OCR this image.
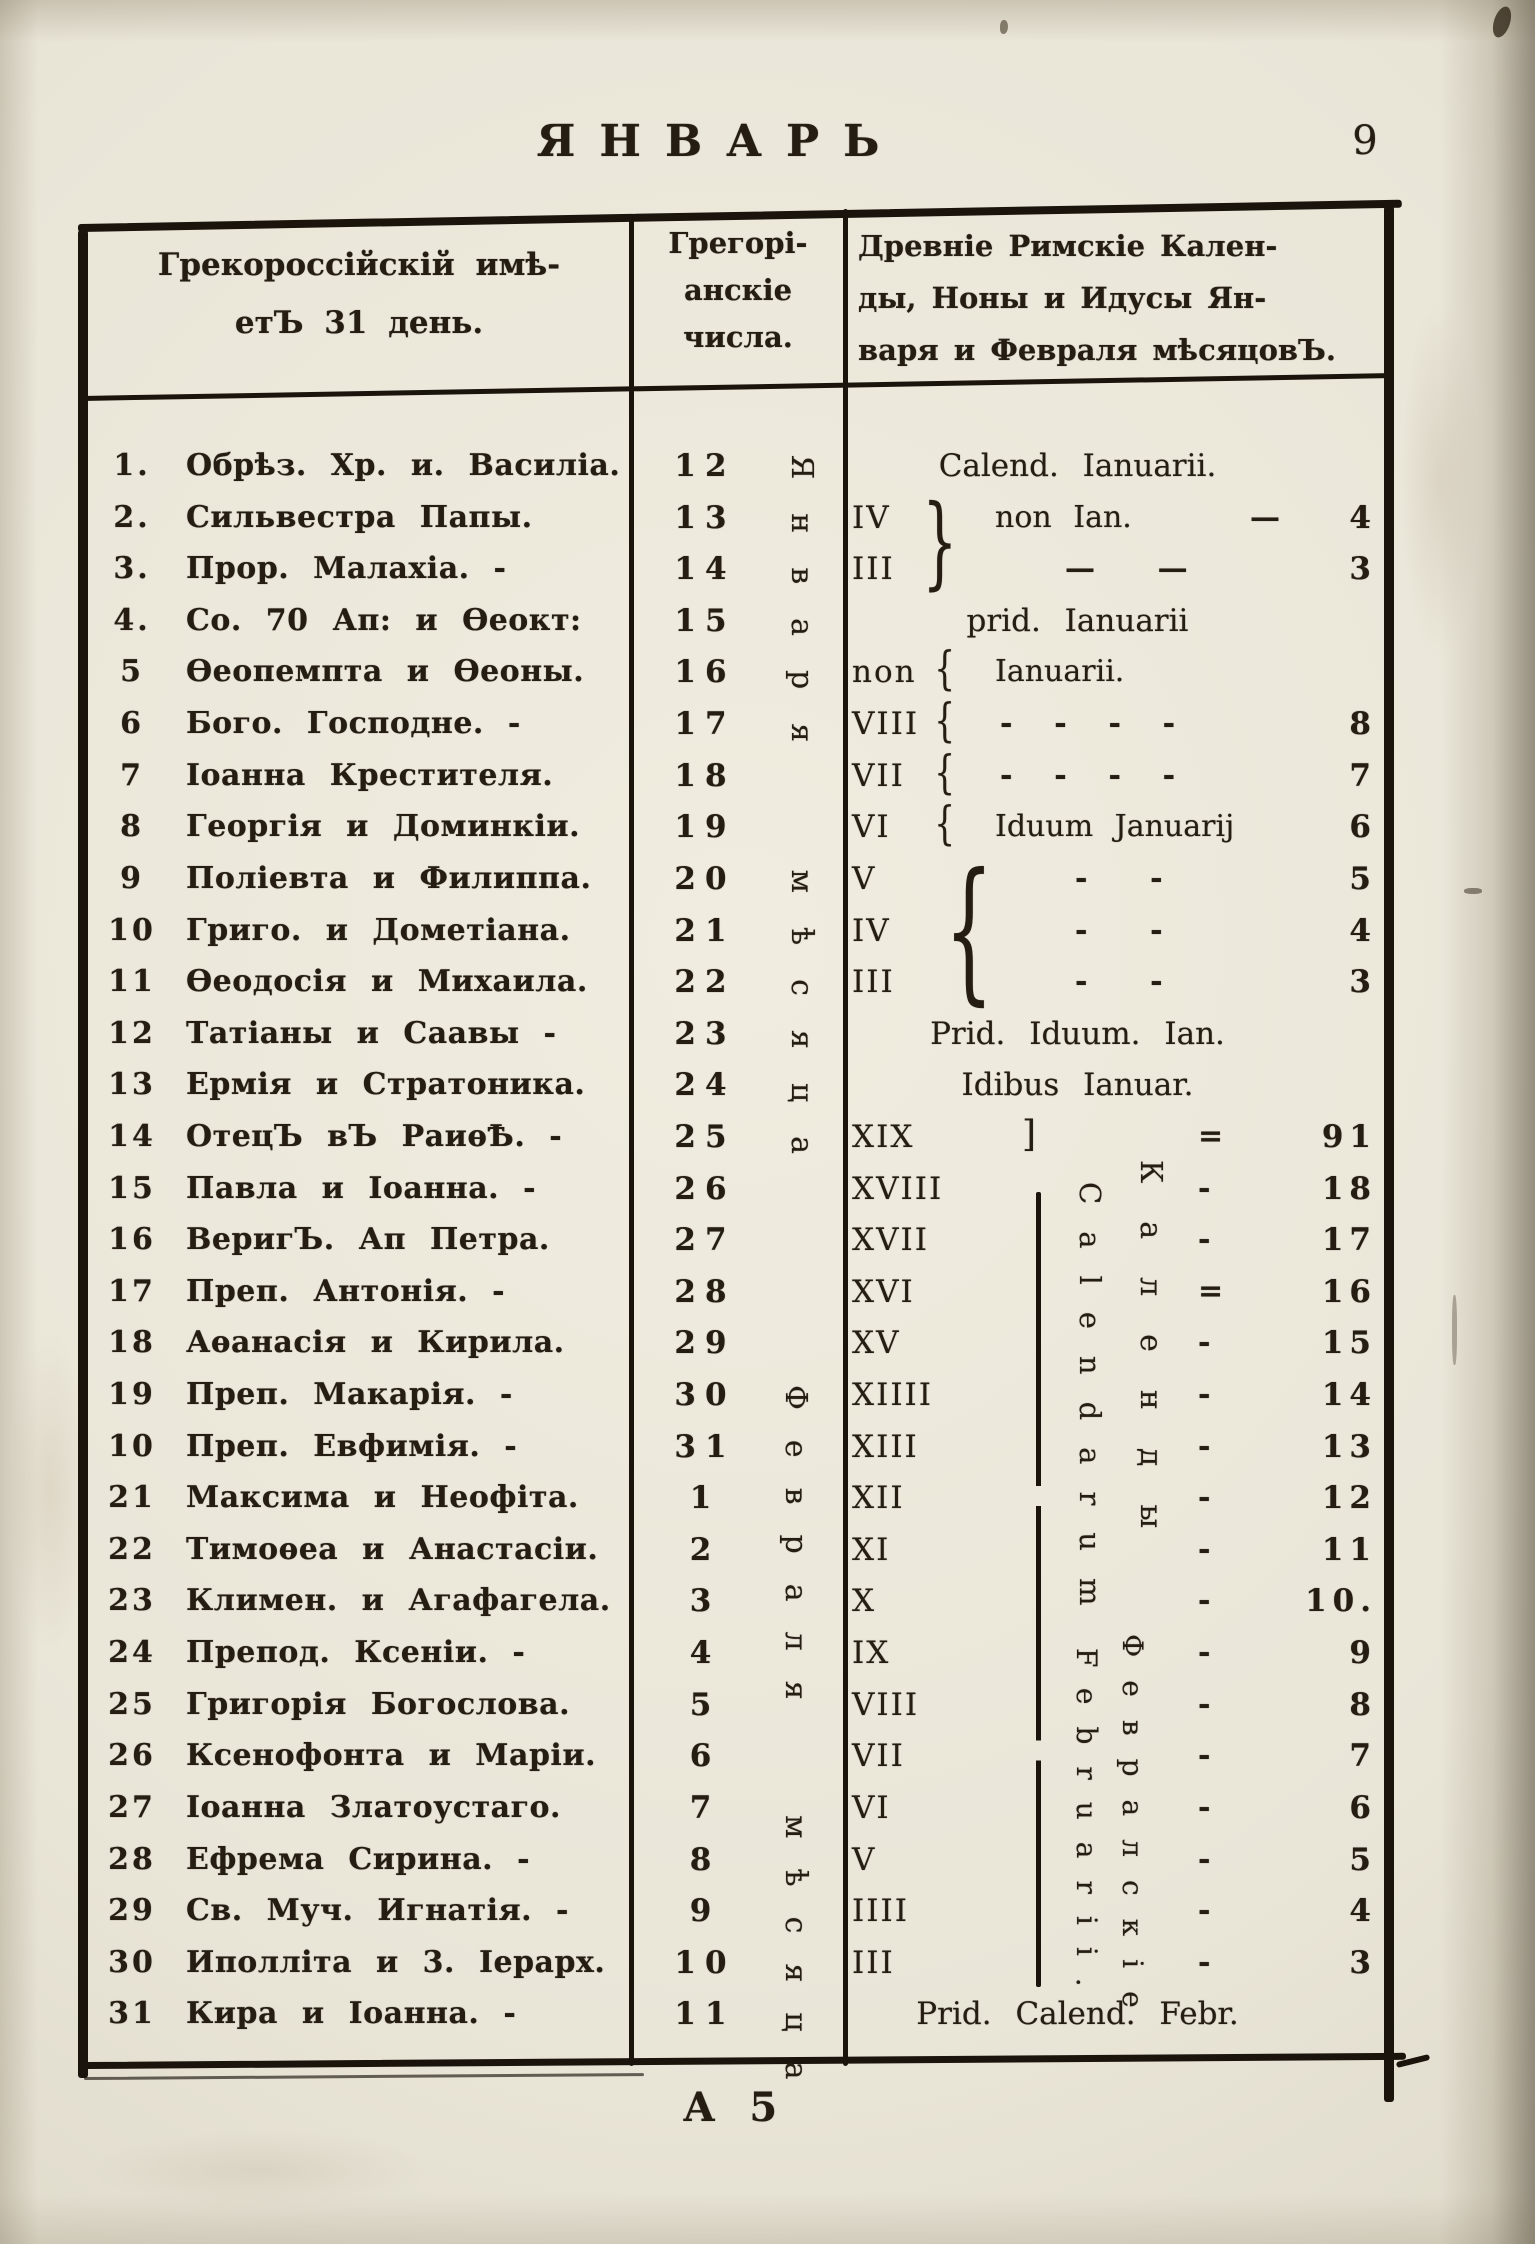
ЯНВАРЬ	9
Грекороссійскій имѣ-
етЪ 31 день.
Грегорі-
анскіе
числа.
Древніе Римскіе Кален-
ды, Ноны и Идусы Ян-
варя и Февраля мѣсяцовЪ.
Января мѣсяца
Февраля мѣсяца
Календы
Calendarum
Февралскіе
Februarii.
}
{
1. Обрѣз. Хр. и. Василіа.	12	Calend. Ianuarii.
2. Сильвестра Папы.	13	IV	non Ian.	— 4
3. Прор. Малахіа. -	14	III	—      —	3
4. Со. 70 Ап: и Ѳеокт:	15	prid. Ianuarii
5 Ѳеопемпта и Ѳеоны.	16	non { Ianuarii.
6 Бого. Господне. -	17	VIII { -    -    -    -	8
7 Іоанна Крестителя.	18	VII { -    -    -    -	7
8 Георгія и Доминкіи.	19	VI { Iduum Januarij	6
9 Поліевта и Филиппа.	20	V	-      -	5
10 Григо. и Дометіана.	21	IV	-      -	4
11 Ѳеодосія и Михаила.	22	III	-      -	3
12 Татіаны и Саавы -	23	Prid. Iduum. Ian.
13 Ермія и Стратоника.	24	Idibus Ianuar.
14 ОтецЪ вЪ РаиѳѢ. -	25	XIX	]	=	91
15 Павла и Іоанна. -	26	XVIII	-	18
16 ВеригЪ. Ап Петра.	27	XVII	-	17
17 Преп. Антонія. -	28	XVI	=	16
18 Аѳанасія и Кирила.	29	XV	-	15
19 Преп. Макарія. -	30	XIIII	-	14
10 Преп. Евфимія. -	31	XIII	-	13
21 Максима и Неофіта.	1	XII	-	12
22 Тимоѳеа и Анастасіи.	2	XI	-	11
23 Климен. и Агафагела.	3	X	-	10.
24 Препод. Ксеніи. -	4	IX	-	9
25 Григорія Богослова.	5	VIII	-	8
26 Ксенофонта и Маріи.	6	VII	-	7
27 Іоанна Златоустаго.	7	VI	-	6
28 Ефрема Сирина. -	8	V	-	5
29 Св. Муч. Игнатія. -	9	IIII	-	4
30 Иполліта и 3. Іерарх.	10	III	-	3
31 Кира и Іоанна. -	11	Prid. Calend. Febr.
А 5
